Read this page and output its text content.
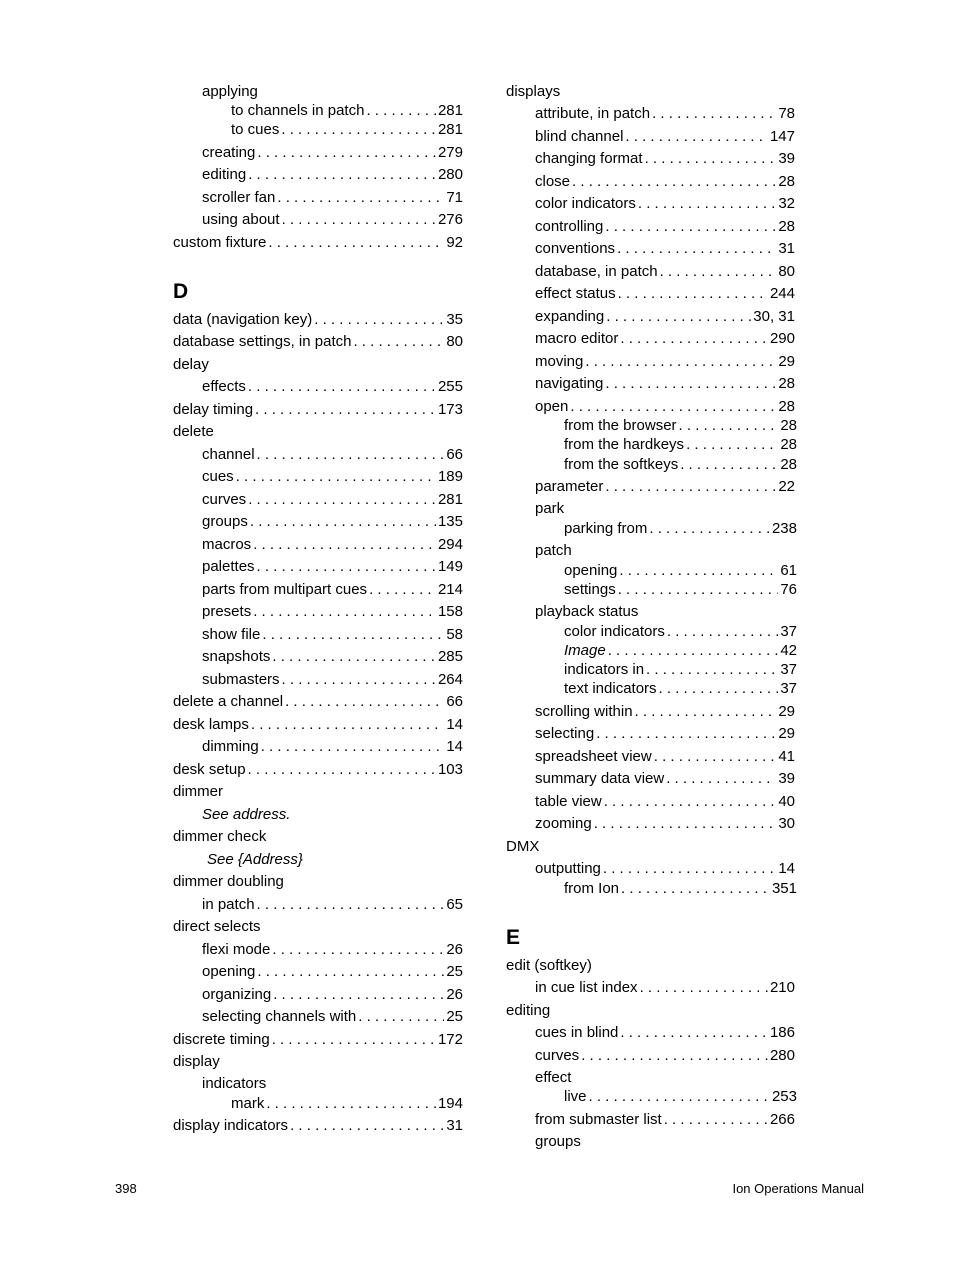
applying
to channels in patch . . .	281
to cues . . .	281
creating . . .	279
editing . . .	280
scroller fan . . .	71
using about . . .	276
custom fixture . . .	92
data (navigation key) . . .	35
database settings, in patch . . .	80
delay
effects . . .	255
delay timing . . .	173
delete
channel . . .	66
cues . . .	189
curves . . .	281
groups . . .	135
macros . . .	294
palettes . . .	149
parts from multipart cues . . .	214
presets . . .	158
show file . . .	58
snapshots . . .	285
submasters . . .	264
delete a channel . . .	66
desk lamps . . .	14
dimming . . .	14
desk setup . . .	103
dimmer
See address.
dimmer check
See {Address}
dimmer doubling
in patch . . .	65
direct selects
flexi mode . . .	26
opening . . .	25
organizing . . .	26
selecting channels with . . .	25
discrete timing . . .	172
display
indicators
mark . . .	194
display indicators . . .	31
displays
attribute, in patch . . .	78
blind channel . . .	147
changing format . . .	39
close . . .	28
color indicators . . .	32
controlling . . .	28
conventions . . .	31
database, in patch . . .	80
effect status . . .	244
expanding . . .	30, 31
macro editor . . .	290
moving . . .	29
navigating . . .	28
open . . .	28
from the browser . . .	28
from the hardkeys . . .	28
from the softkeys . . .	28
parameter . . .	22
park
parking from . . .	238
patch
opening . . .	61
settings . . .	76
playback status
color indicators . . .	37
Image . . .	42
indicators in . . .	37
text indicators . . .	37
scrolling within . . .	29
selecting . . .	29
spreadsheet view . . .	41
summary data view . . .	39
table view . . .	40
zooming . . .	30
DMX
outputting . . .	14
from Ion . . .	351
edit (softkey)
in cue list index . . .	210
editing
cues in blind . . .	186
curves . . .	280
effect
live . . .	253
from submaster list . . .	266
groups
D
E
398	Ion Operations Manual
